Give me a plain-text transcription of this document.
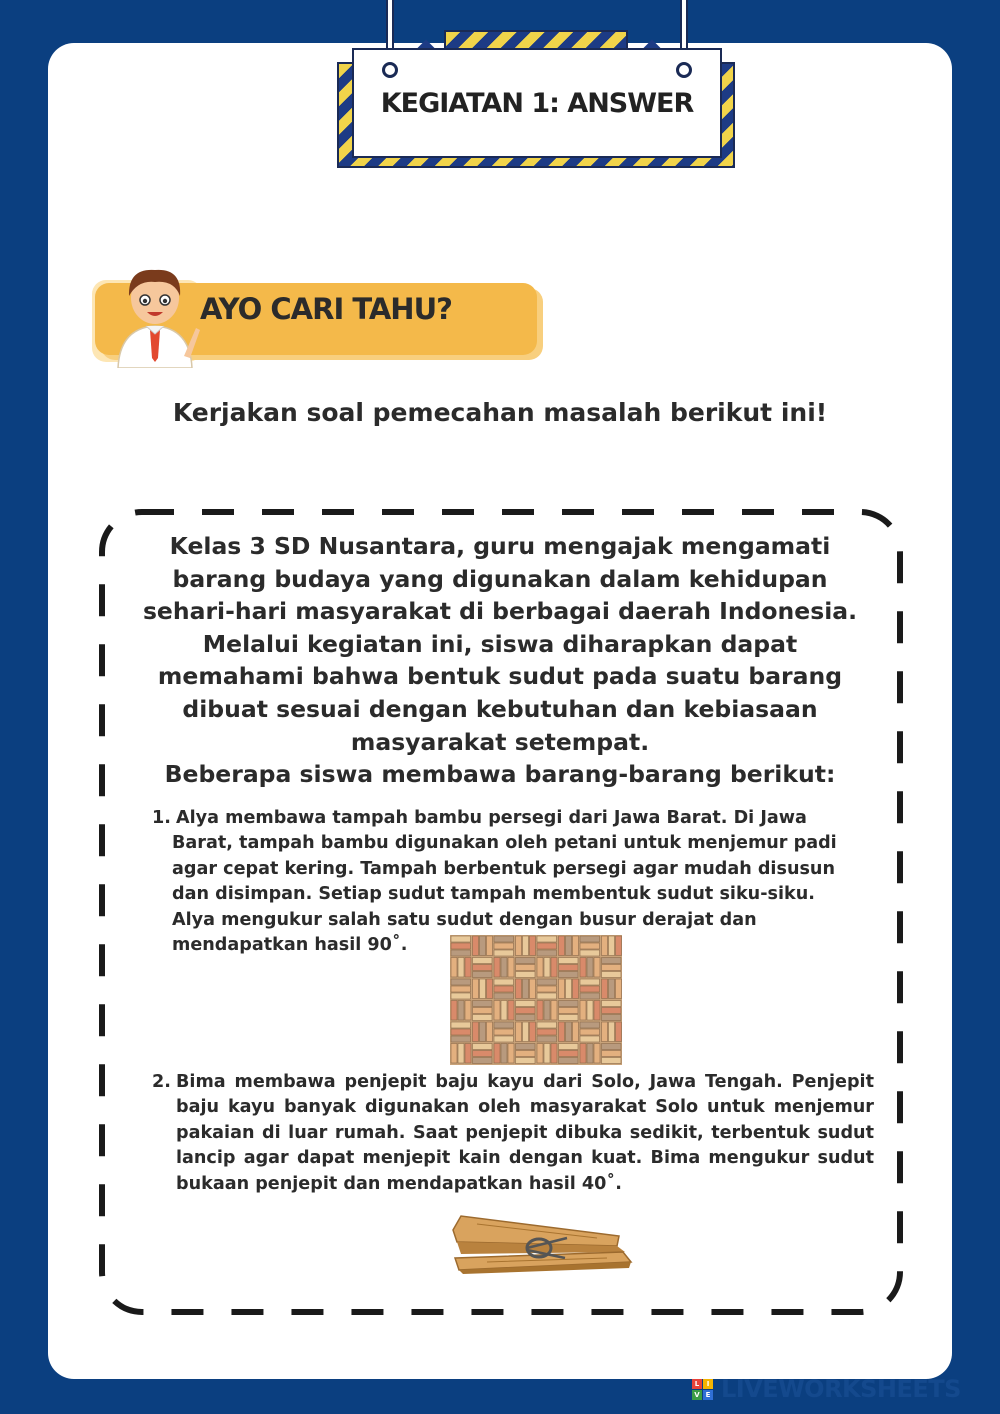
KEGIATAN 1: ANSWER
AYO CARI TAHU?
Kerjakan soal pemecahan masalah berikut ini!
Kelas 3 SD Nusantara, guru mengajak mengamati
barang budaya yang digunakan dalam kehidupan
sehari-hari masyarakat di berbagai daerah Indonesia.
Melalui kegiatan ini, siswa diharapkan dapat
memahami bahwa bentuk sudut pada suatu barang
dibuat sesuai dengan kebutuhan dan kebiasaan
masyarakat setempat.
Beberapa siswa membawa barang-barang berikut:
1. Alya membawa tampah bambu persegi dari Jawa Barat. Di Jawa
Barat, tampah bambu digunakan oleh petani untuk menjemur padi
agar cepat kering. Tampah berbentuk persegi agar mudah disusun
dan disimpan. Setiap sudut tampah membentuk sudut siku-siku.
Alya mengukur salah satu sudut dengan busur derajat dan
mendapatkan hasil 90˚.
2. Bima membawa penjepit baju kayu dari Solo, Jawa Tengah. Penjepit baju kayu banyak digunakan oleh masyarakat Solo untuk menjemur pakaian di luar rumah. Saat penjepit dibuka sedikit, terbentuk sudut lancip agar dapat menjepit kain dengan kuat. Bima mengukur sudut bukaan penjepit dan mendapatkan hasil 40˚.
L	I
V E LIVEWORKSHEETS
